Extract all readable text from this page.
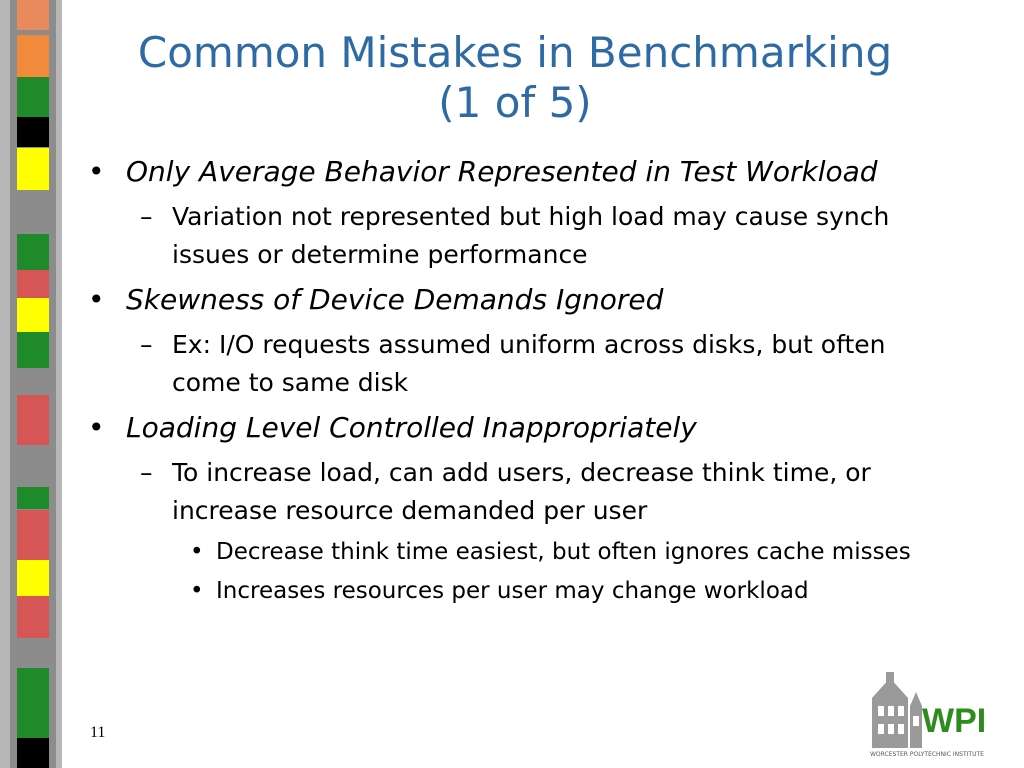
Common Mistakes in Benchmarking
(1 of 5)
• Only Average Behavior Represented in Test Workload
– Variation not represented but high load may cause synch issues or determine performance
• Skewness of Device Demands Ignored
– Ex: I/O requests assumed uniform across disks, but often come to same disk
• Loading Level Controlled Inappropriately
– To increase load, can add users, decrease think time, or increase resource demanded per user
• Decrease think time easiest, but often ignores cache misses
• Increases resources per user may change workload
11	WPI
WORCESTER POLYTECHNIC INSTITUTE
